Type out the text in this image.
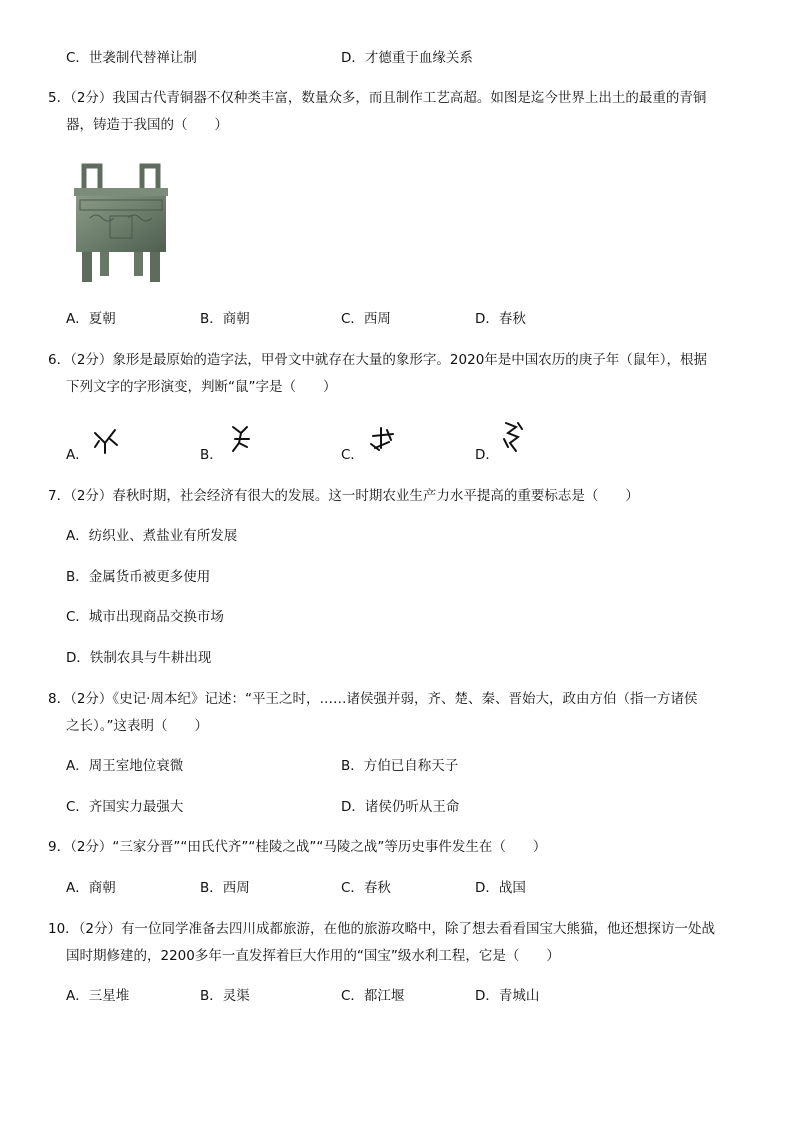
C．世袭制代替禅让制	D．才德重于血缘关系
5．（2分）我国古代青铜器不仅种类丰富，数量众多，而且制作工艺高超。如图是迄今世界上出土的最重的青铜
器，铸造于我国的（　　）
A．夏朝	B．商朝	C．西周	D．春秋
6．（2分）象形是最原始的造字法，甲骨文中就存在大量的象形字。2020年是中国农历的庚子年（鼠年），根据
下列文字的字形演变，判断“鼠”字是（　　）
A．	B．	C．	D．
7．（2分）春秋时期，社会经济有很大的发展。这一时期农业生产力水平提高的重要标志是（　　）
A．纺织业、煮盐业有所发展
B．金属货币被更多使用
C．城市出现商品交换市场
D．铁制农具与牛耕出现
8．（2分）《史记·周本纪》记述：“平王之时，……诸侯强并弱，齐、楚、秦、晋始大，政由方伯（指一方诸侯
之长）。”这表明（　　）
A．周王室地位衰微	B．方伯已自称天子
C．齐国实力最强大	D．诸侯仍听从王命
9．（2分）“三家分晋”“田氏代齐”“桂陵之战”“马陵之战”等历史事件发生在（　　）
A．商朝	B．西周	C．春秋	D．战国
10．（2分）有一位同学准备去四川成都旅游，在他的旅游攻略中，除了想去看看国宝大熊猫，他还想探访一处战
国时期修建的，2200多年一直发挥着巨大作用的“国宝”级水利工程，它是（　　）
A．三星堆	B．灵渠	C．都江堰	D．青城山
